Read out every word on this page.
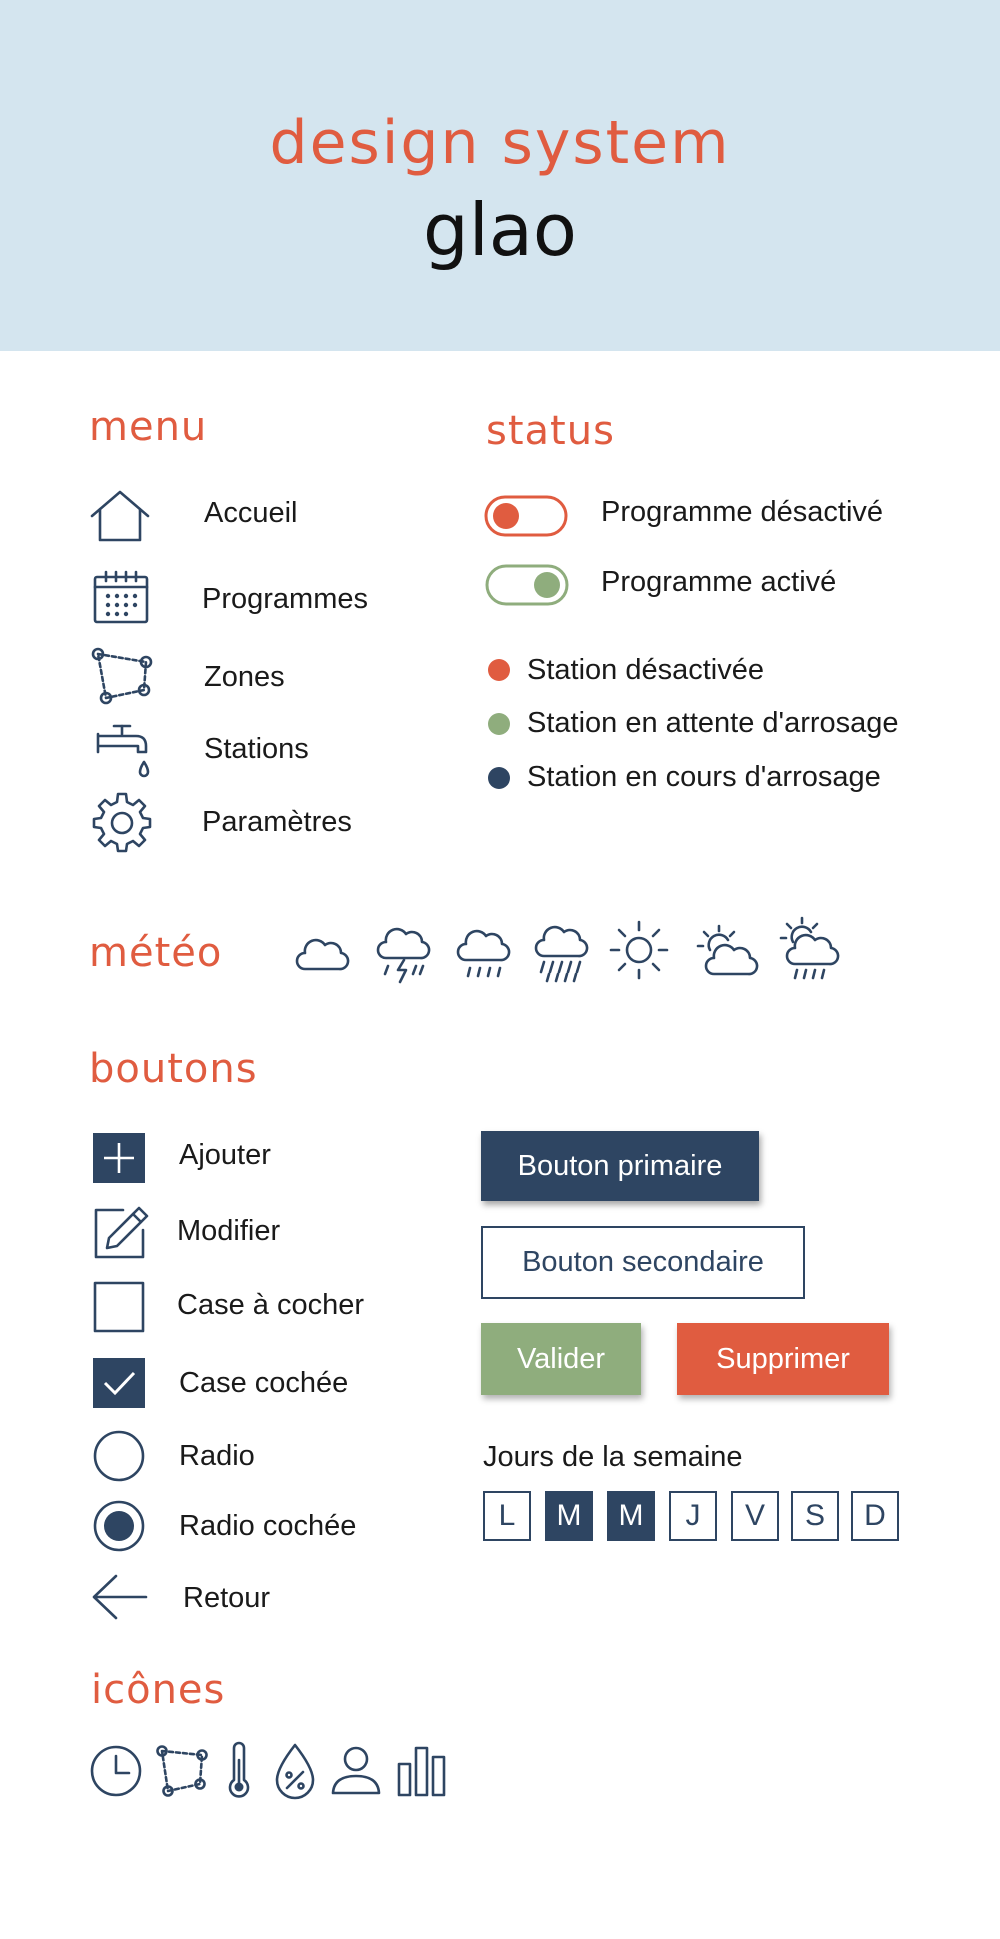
design system
glao
menu
Accueil
Programmes
Zones
Stations
Paramètres
status
Programme désactivé
Programme activé
Station désactivée
Station en attente d'arrosage
Station en cours d'arrosage
météo
boutons
Ajouter
Modifier
Case à cocher
Case cochée
Radio
Radio cochée
Retour
Bouton primaire
Bouton secondaire
Valider	Supprimer
Jours de la semaine
L	M	M	J	V	S	D
icônes
